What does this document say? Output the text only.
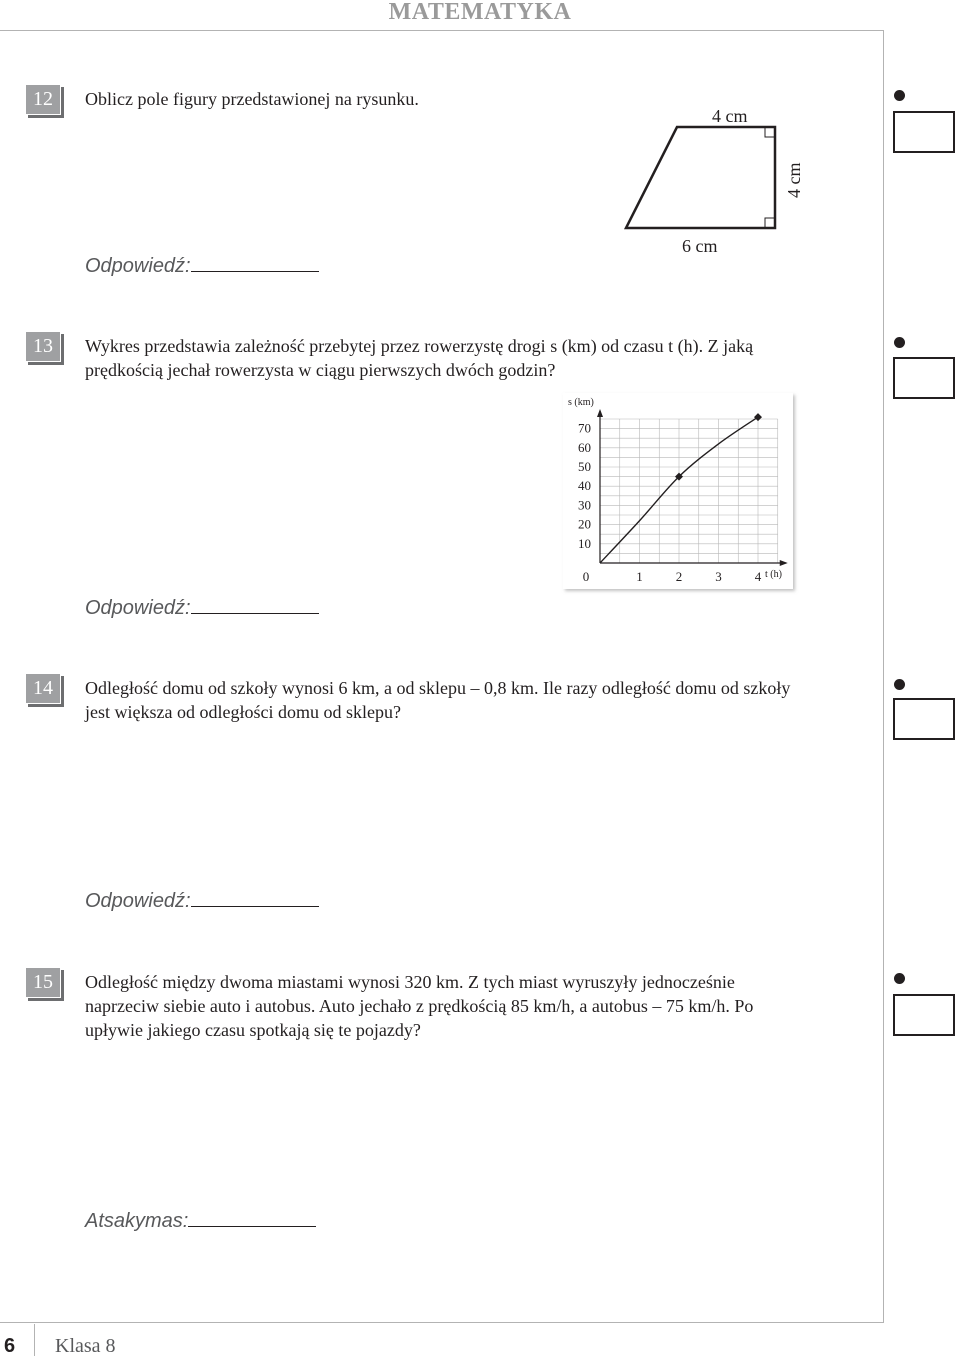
MATEMATYKA
12	Oblicz pole figury przedstawionej na rysunku.
4 cm
6 cm
4 cm
Odpowiedź:
13	Wykres przedstawia zależność przebytej przez rowerzystę drogi s (km) od czasu t (h). Z jaką
prędkością jechał rowerzysta w ciągu pierwszych dwóch godzin?
10
20
30
40
50
60
70
0	1	2	3	4
s (km)
t (h)
Odpowiedź:
14	Odległość domu od szkoły wynosi 6 km, a od sklepu – 0,8 km. Ile razy odległość domu od szkoły
jest większa od odległości domu od sklepu?
Odpowiedź:
15	Odległość między dwoma miastami wynosi 320 km. Z tych miast wyruszyły jednocześnie
naprzeciw siebie auto i autobus. Auto jechało z prędkością 85 km/h, a autobus – 75 km/h. Po
upływie jakiego czasu spotkają się te pojazdy?
Atsakymas:
6 Klasa 8
